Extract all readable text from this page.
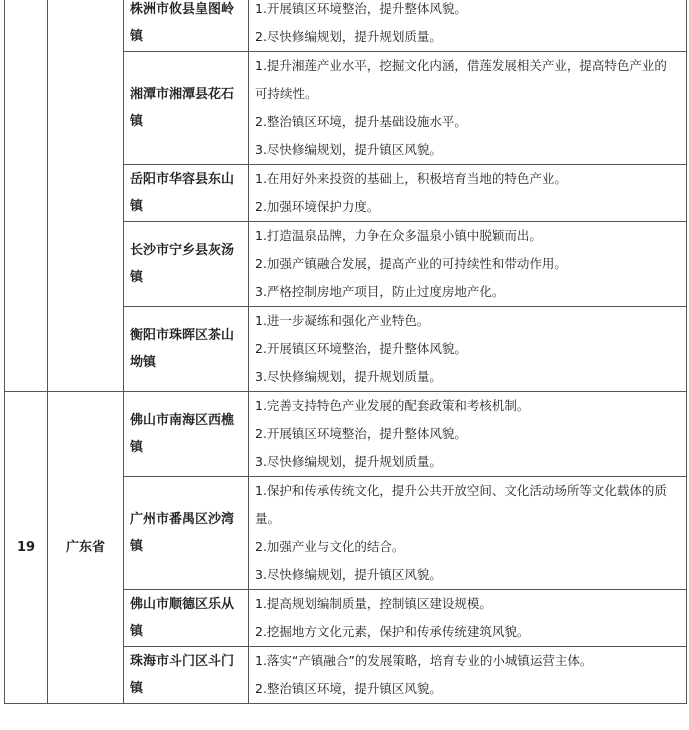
		株洲市攸县皇图岭镇	1.开展镇区环境整治，提升整体风貌。
2.尽快修编规划，提升规划质量。

		湘潭市湘潭县花石镇	1.提升湘莲产业水平，挖掘文化内涵，借莲发展相关产业，提高特色产业的可持续性。
2.整治镇区环境，提升基础设施水平。
3.尽快修编规划，提升镇区风貌。

		岳阳市华容县东山镇	1.在用好外来投资的基础上，积极培育当地的特色产业。
2.加强环境保护力度。

		长沙市宁乡县灰汤镇	1.打造温泉品牌，力争在众多温泉小镇中脱颖而出。
2.加强产镇融合发展，提高产业的可持续性和带动作用。
3.严格控制房地产项目，防止过度房地产化。

		衡阳市珠晖区茶山坳镇	1.进一步凝练和强化产业特色。
2.开展镇区环境整治，提升整体风貌。
3.尽快修编规划，提升规划质量。

19	广东省	佛山市南海区西樵镇	1.完善支持特色产业发展的配套政策和考核机制。
2.开展镇区环境整治，提升整体风貌。
3.尽快修编规划，提升规划质量。

		广州市番禺区沙湾镇	1.保护和传承传统文化，提升公共开放空间、文化活动场所等文化载体的质量。
2.加强产业与文化的结合。
3.尽快修编规划，提升镇区风貌。

		佛山市顺德区乐从镇	1.提高规划编制质量，控制镇区建设规模。
2.挖掘地方文化元素，保护和传承传统建筑风貌。

		珠海市斗门区斗门镇	1.落实“产镇融合”的发展策略，培育专业的小城镇运营主体。
2.整治镇区环境，提升镇区风貌。
